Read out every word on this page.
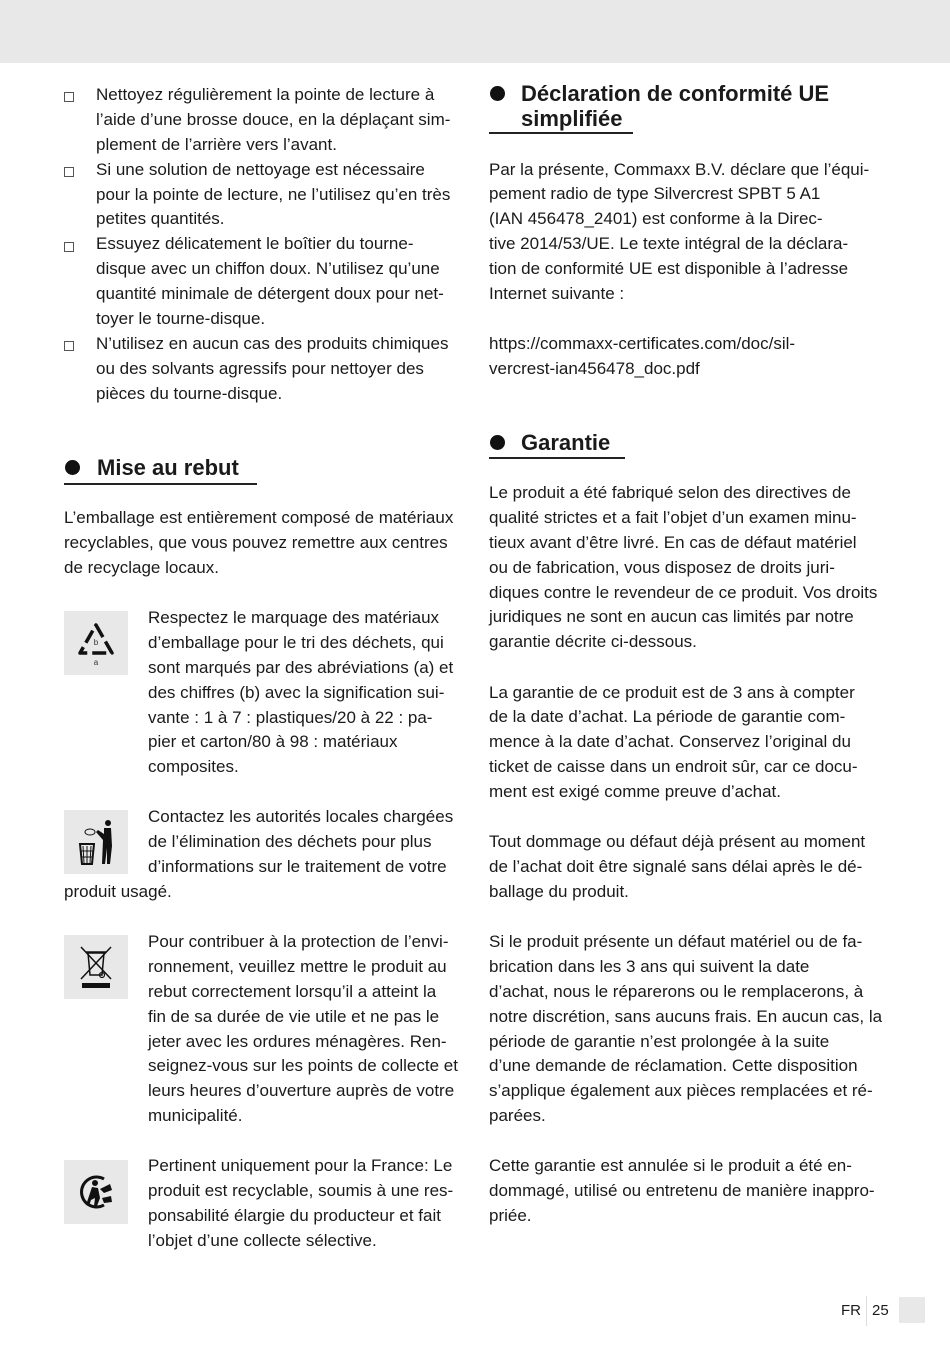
Nettoyez régulièrement la pointe de lecture à
l’aide d’une brosse douce, en la déplaçant sim-
plement de l’arrière vers l’avant.
Si une solution de nettoyage est nécessaire
pour la pointe de lecture, ne l’utilisez qu’en très
petites quantités.
Essuyez délicatement le boîtier du tourne-
disque avec un chiffon doux. N’utilisez qu’une
quantité minimale de détergent doux pour net-
toyer le tourne-disque.
N’utilisez en aucun cas des produits chimiques
ou des solvants agressifs pour nettoyer des
pièces du tourne-disque.
Mise au rebut
L’emballage est entièrement composé de matériaux
recyclables, que vous pouvez remettre aux centres
de recyclage locaux.
b
a
Respectez le marquage des matériaux
d’emballage pour le tri des déchets, qui
sont marqués par des abréviations (a) et
des chiffres (b) avec la signification sui-
vante : 1 à 7 : plastiques/20 à 22 : pa-
pier et carton/80 à 98 : matériaux
composites.
Contactez les autorités locales chargées
de l’élimination des déchets pour plus
d’informations sur le traitement de votre
produit usagé.
Pour contribuer à la protection de l’envi-
ronnement, veuillez mettre le produit au
rebut correctement lorsqu’il a atteint la
fin de sa durée de vie utile et ne pas le
jeter avec les ordures ménagères. Ren-
seignez-vous sur les points de collecte et
leurs heures d’ouverture auprès de votre
municipalité.
Pertinent uniquement pour la France: Le
produit est recyclable, soumis à une res-
ponsabilité élargie du producteur et fait
l’objet d’une collecte sélective.
Déclaration de conformité UE
simplifiée
Par la présente, Commaxx B.V. déclare que l’équi-
pement radio de type Silvercrest SPBT 5 A1
(IAN 456478_2401) est conforme à la Direc-
tive 2014/53/UE. Le texte intégral de la déclara-
tion de conformité UE est disponible à l’adresse
Internet suivante :
https://commaxx-certificates.com/doc/sil-
vercrest-ian456478_doc.pdf
Garantie
Le produit a été fabriqué selon des directives de
qualité strictes et a fait l’objet d’un examen minu-
tieux avant d’être livré. En cas de défaut matériel
ou de fabrication, vous disposez de droits juri-
diques contre le revendeur de ce produit. Vos droits
juridiques ne sont en aucun cas limités par notre
garantie décrite ci-dessous.
La garantie de ce produit est de 3 ans à compter
de la date d’achat. La période de garantie com-
mence à la date d’achat. Conservez l’original du
ticket de caisse dans un endroit sûr, car ce docu-
ment est exigé comme preuve d’achat.
Tout dommage ou défaut déjà présent au moment
de l’achat doit être signalé sans délai après le dé-
ballage du produit.
Si le produit présente un défaut matériel ou de fa-
brication dans les 3 ans qui suivent la date
d’achat, nous le réparerons ou le remplacerons, à
notre discrétion, sans aucuns frais. En aucun cas, la
période de garantie n’est prolongée à la suite
d’une demande de réclamation. Cette disposition
s’applique également aux pièces remplacées et ré-
parées.
Cette garantie est annulée si le produit a été en-
dommagé, utilisé ou entretenu de manière inappro-
priée.
FR 25
